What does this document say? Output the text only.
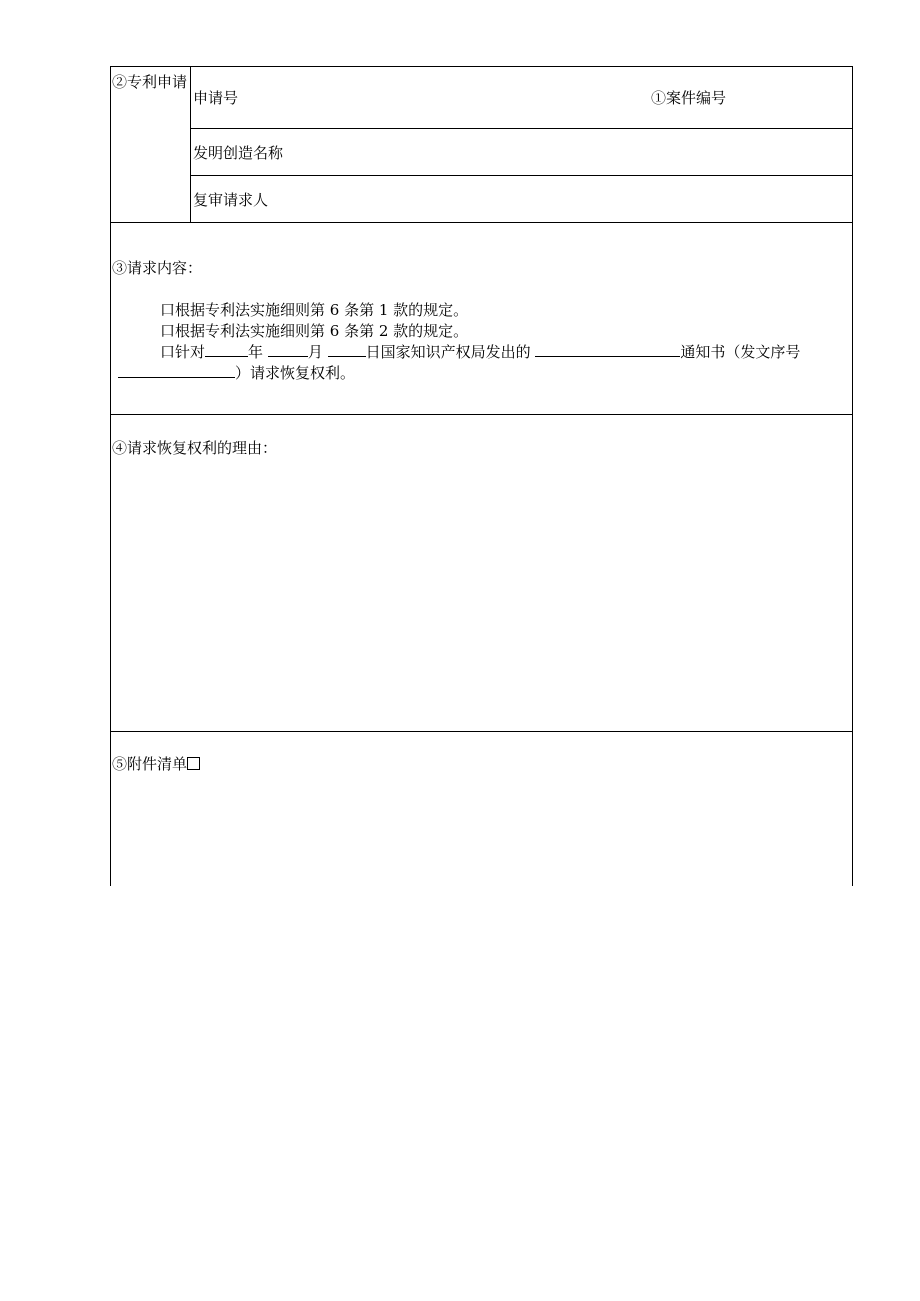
②专利申请
申请号	①案件编号
发明创造名称
复审请求人
③请求内容：
口根据专利法实施细则第 6 条第 1 款的规定。
口根据专利法实施细则第 6 条第 2 款的规定。
口针对	年	月	日国家知识产权局发出的	通知书（发文序号
）请求恢复权利。
④请求恢复权利的理由：
⑤附件清单
